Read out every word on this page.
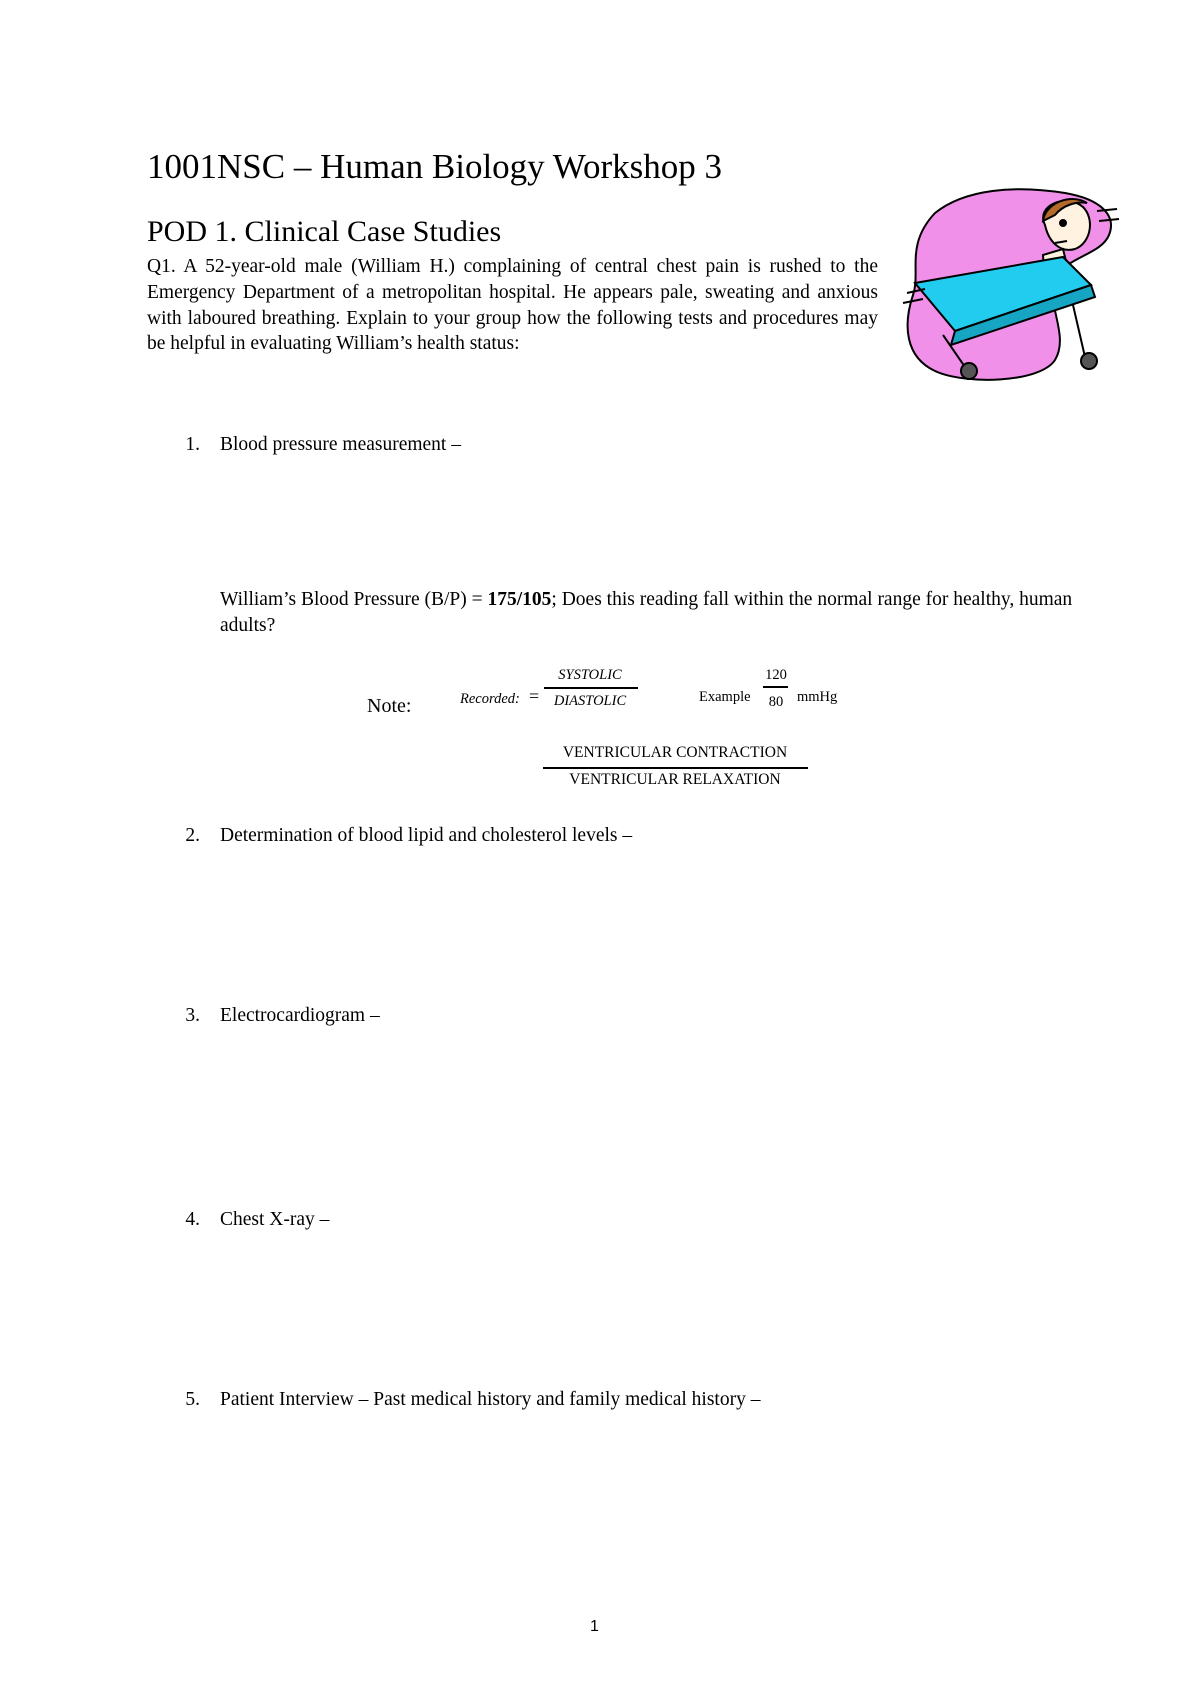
1001NSC – Human Biology Workshop 3
POD 1. Clinical Case Studies
Q1. A 52-year-old male (William H.) complaining of central chest pain is rushed to the Emergency Department of a metropolitan hospital. He appears pale, sweating and anxious with laboured breathing. Explain to your group how the following tests and procedures may be helpful in evaluating William’s health status:
1. Blood pressure measurement –
William’s Blood Pressure (B/P) = 175/105; Does this reading fall within the normal range for healthy, human adults?
Note:	Recorded: =
SYSTOLIC
DIASTOLIC	Example
120
80 mmHg
VENTRICULAR CONTRACTION
VENTRICULAR RELAXATION
2. Determination of blood lipid and cholesterol levels –
3. Electrocardiogram –
4. Chest X-ray –
5. Patient Interview – Past medical history and family medical history –
1
